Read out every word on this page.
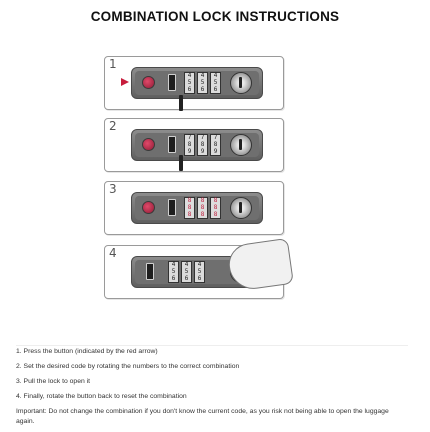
COMBINATION LOCK INSTRUCTIONS
1
4
5
6
4
5
6
4
5
6
2
7
8
9
7
8
9
7
8
9
3
8
8
8
8
8
8
8
8
8
4
4
5
6
4
5
6
4
5
6

1. Press the button (indicated by the red arrow)

2. Set the desired code by rotating the numbers to the correct combination

3. Pull the lock to open it

4. Finally, rotate the button back to reset the combination

Important: Do not change the combination if you don't know the current code, as you risk not being able to open the luggage again.
